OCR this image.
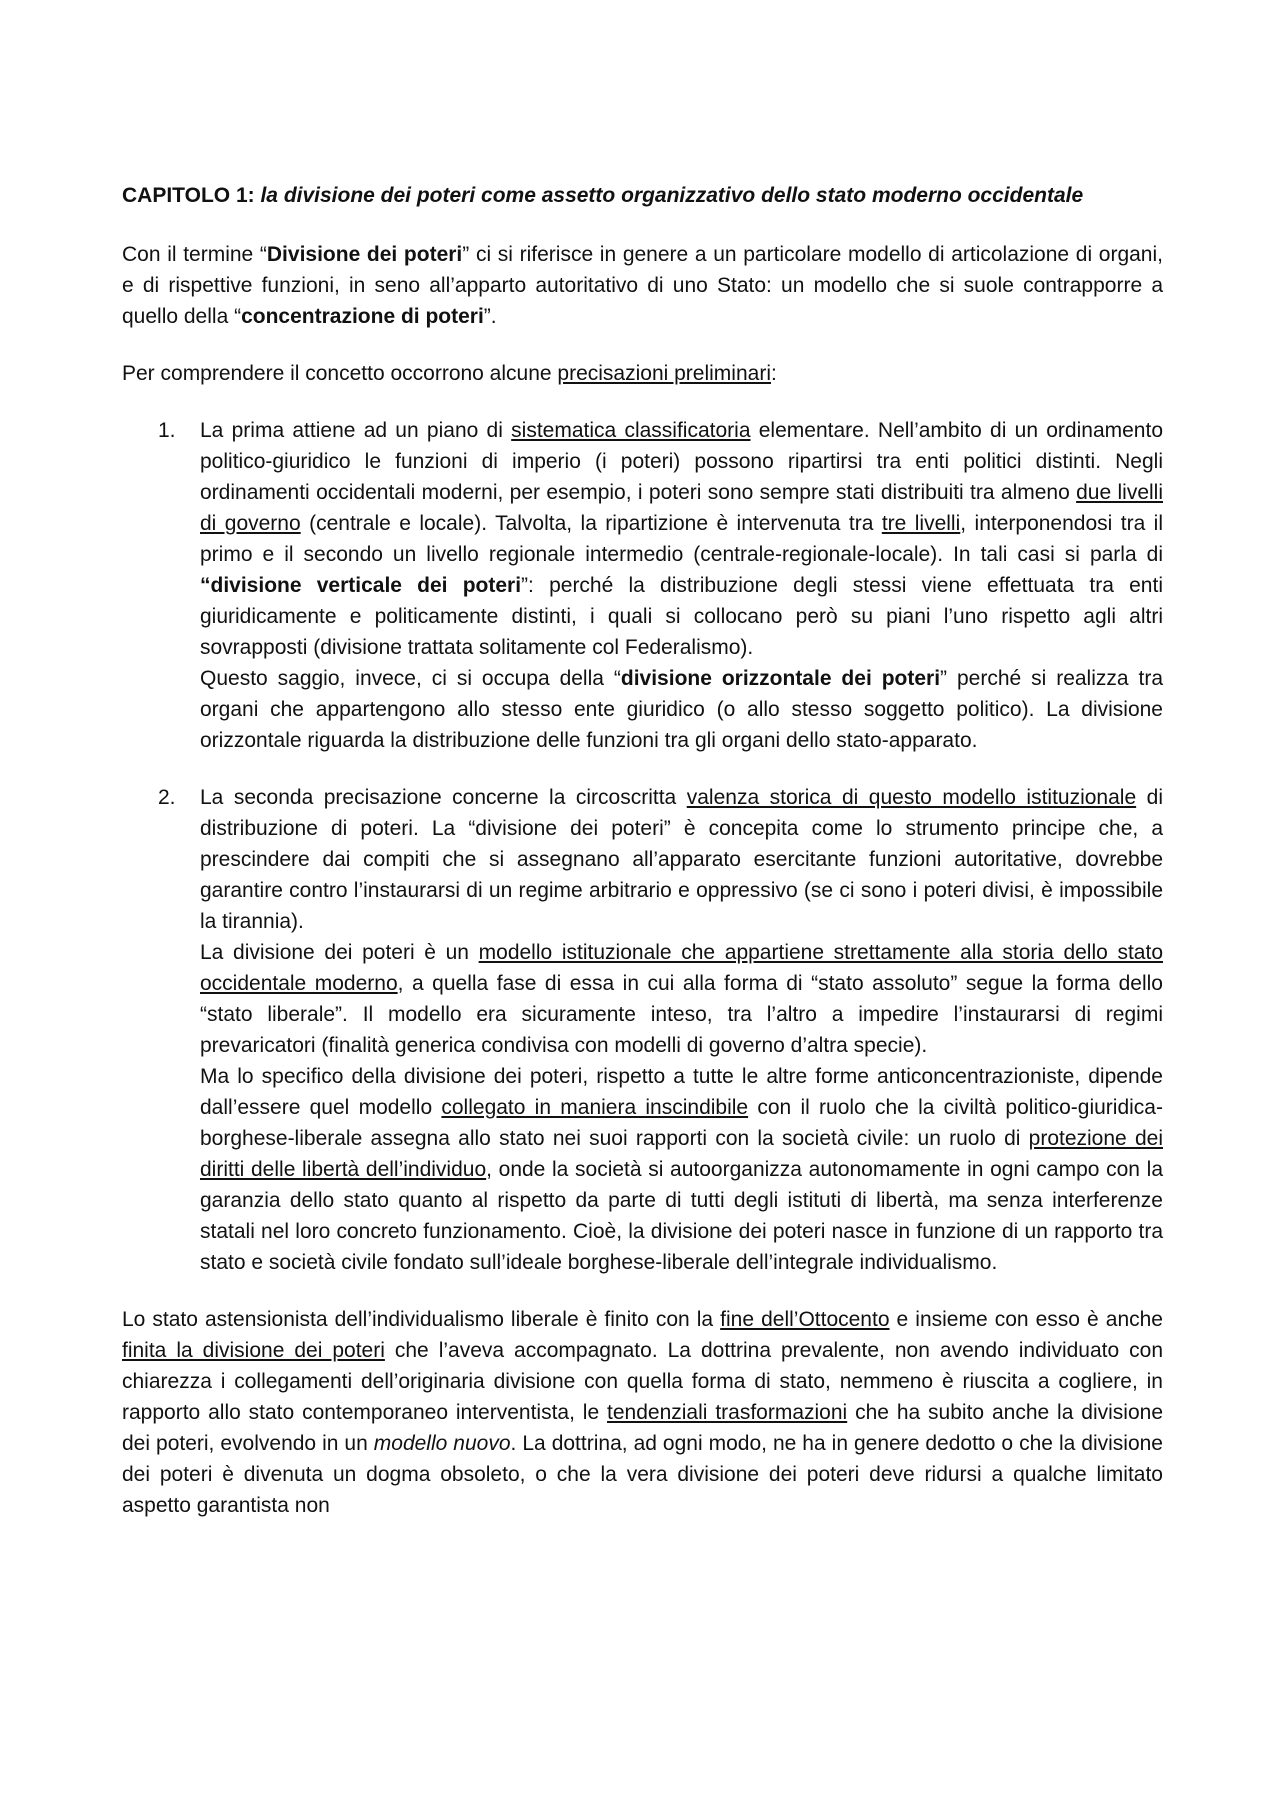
CAPITOLO 1: la divisione dei poteri come assetto organizzativo dello stato moderno occidentale

Con il termine “Divisione dei poteri” ci si riferisce in genere a un particolare modello di articolazione di organi, e di rispettive funzioni, in seno all’apparto autoritativo di uno Stato: un modello che si suole contrapporre a quello della “concentrazione di poteri”.

Per comprendere il concetto occorrono alcune precisazioni preliminari:

1. La prima attiene ad un piano di sistematica classificatoria elementare. Nell’ambito di un ordinamento politico-giuridico le funzioni di imperio (i poteri) possono ripartirsi tra enti politici distinti. Negli ordinamenti occidentali moderni, per esempio, i poteri sono sempre stati distribuiti tra almeno due livelli di governo (centrale e locale). Talvolta, la ripartizione è intervenuta tra tre livelli, interponendosi tra il primo e il secondo un livello regionale intermedio (centrale-regionale-locale). In tali casi si parla di “divisione verticale dei poteri”: perché la distribuzione degli stessi viene effettuata tra enti giuridicamente e politicamente distinti, i quali si collocano però su piani l’uno rispetto agli altri sovrapposti (divisione trattata solitamente col Federalismo).

Questo saggio, invece, ci si occupa della “divisione orizzontale dei poteri” perché si realizza tra organi che appartengono allo stesso ente giuridico (o allo stesso soggetto politico). La divisione orizzontale riguarda la distribuzione delle funzioni tra gli organi dello stato-apparato.

2. La seconda precisazione concerne la circoscritta valenza storica di questo modello istituzionale di distribuzione di poteri. La “divisione dei poteri” è concepita come lo strumento principe che, a prescindere dai compiti che si assegnano all’apparato esercitante funzioni autoritative, dovrebbe garantire contro l’instaurarsi di un regime arbitrario e oppressivo (se ci sono i poteri divisi, è impossibile la tirannia).

La divisione dei poteri è un modello istituzionale che appartiene strettamente alla storia dello stato occidentale moderno, a quella fase di essa in cui alla forma di “stato assoluto” segue la forma dello “stato liberale”. Il modello era sicuramente inteso, tra l’altro a impedire l’instaurarsi di regimi prevaricatori (finalità generica condivisa con modelli di governo d’altra specie).

Ma lo specifico della divisione dei poteri, rispetto a tutte le altre forme anticoncentrazioniste, dipende dall’essere quel modello collegato in maniera inscindibile con il ruolo che la civiltà politico-giuridica-borghese-liberale assegna allo stato nei suoi rapporti con la società civile: un ruolo di protezione dei diritti delle libertà dell’individuo, onde la società si autoorganizza autonomamente in ogni campo con la garanzia dello stato quanto al rispetto da parte di tutti degli istituti di libertà, ma senza interferenze statali nel loro concreto funzionamento. Cioè, la divisione dei poteri nasce in funzione di un rapporto tra stato e società civile fondato sull’ideale borghese-liberale dell’integrale individualismo.

Lo stato astensionista dell’individualismo liberale è finito con la fine dell’Ottocento e insieme con esso è anche finita la divisione dei poteri che l’aveva accompagnato. La dottrina prevalente, non avendo individuato con chiarezza i collegamenti dell’originaria divisione con quella forma di stato, nemmeno è riuscita a cogliere, in rapporto allo stato contemporaneo interventista, le tendenziali trasformazioni che ha subito anche la divisione dei poteri, evolvendo in un modello nuovo. La dottrina, ad ogni modo, ne ha in genere dedotto o che la divisione dei poteri è divenuta un dogma obsoleto, o che la vera divisione dei poteri deve ridursi a qualche limitato aspetto garantista non
